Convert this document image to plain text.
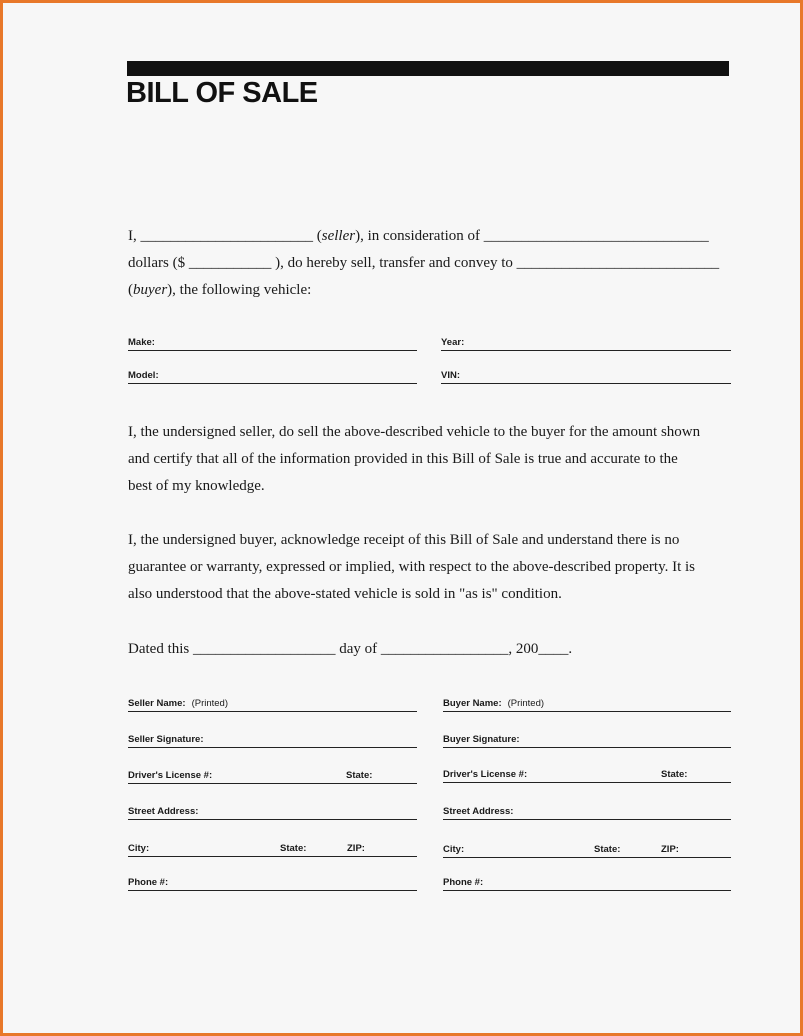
BILL OF SALE
I, _______________________ (seller), in consideration of ______________________________
dollars ($ ___________ ), do hereby sell, transfer and convey to ___________________________
(buyer), the following vehicle:
Make:	Year:
Model:	VIN:
I, the undersigned seller, do sell the above-described vehicle to the buyer for the amount shown
and certify that all of the information provided in this Bill of Sale is true and accurate to the
best of my knowledge.
I, the undersigned buyer, acknowledge receipt of this Bill of Sale and understand there is no
guarantee or warranty, expressed or implied, with respect to the above-described property. It is
also understood that the above-stated vehicle is sold in "as is" condition.
Dated this ___________________ day of _________________, 200____.
Seller Name: (Printed)
Seller Signature:
Driver's License #:	State:
Street Address:
City:	State:	ZIP:
Phone #:
Buyer Name: (Printed)
Buyer Signature:
Driver's License #:	State:
Street Address:
City:	State:	ZIP:
Phone #:
